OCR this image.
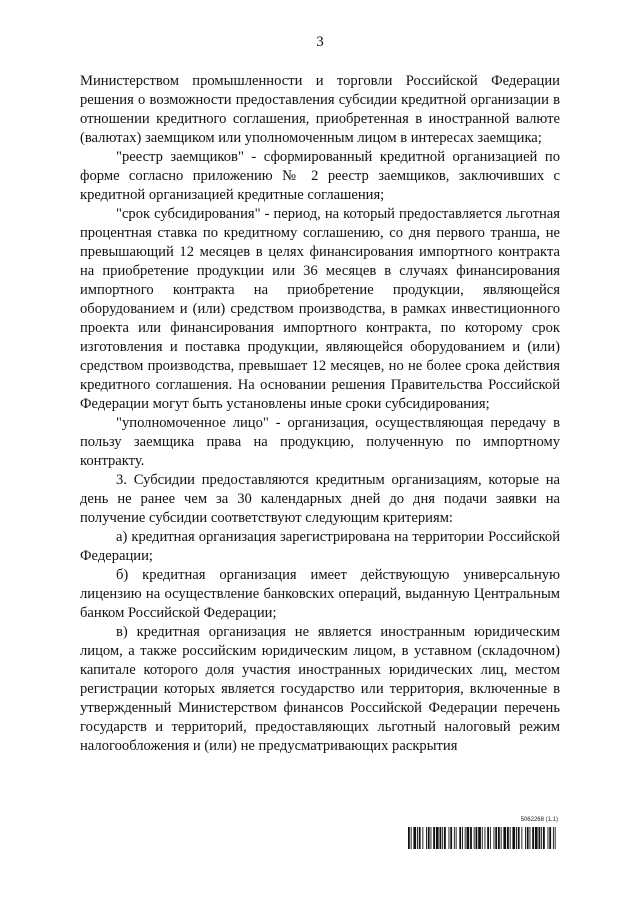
3

Министерством промышленности и торговли Российской Федерации решения о возможности предоставления субсидии кредитной организации в отношении кредитного соглашения, приобретенная в иностранной валюте (валютах) заемщиком или уполномоченным лицом в интересах заемщика;

"реестр заемщиков" - сформированный кредитной организацией по форме согласно приложению № 2 реестр заемщиков, заключивших с кредитной организацией кредитные соглашения;

"срок субсидирования" - период, на который предоставляется льготная процентная ставка по кредитному соглашению, со дня первого транша, не превышающий 12 месяцев в целях финансирования импортного контракта на приобретение продукции или 36 месяцев в случаях финансирования импортного контракта на приобретение продукции, являющейся оборудованием и (или) средством производства, в рамках инвестиционного проекта или финансирования импортного контракта, по которому срок изготовления и поставка продукции, являющейся оборудованием и (или) средством производства, превышает 12 месяцев, но не более срока действия кредитного соглашения. На основании решения Правительства Российской Федерации могут быть установлены иные сроки субсидирования;

"уполномоченное лицо" - организация, осуществляющая передачу в пользу заемщика права на продукцию, полученную по импортному контракту.

3. Субсидии предоставляются кредитным организациям, которые на день не ранее чем за 30 календарных дней до дня подачи заявки на получение субсидии соответствуют следующим критериям:

а) кредитная организация зарегистрирована на территории Российской Федерации;

б) кредитная организация имеет действующую универсальную лицензию на осуществление банковских операций, выданную Центральным банком Российской Федерации;

в) кредитная организация не является иностранным юридическим лицом, а также российским юридическим лицом, в уставном (складочном) капитале которого доля участия иностранных юридических лиц, местом регистрации которых является государство или территория, включенные в утвержденный Министерством финансов Российской Федерации перечень государств и территорий, предоставляющих льготный налоговый режим налогообложения и (или) не предусматривающих раскрытия

5062268 (1.1)
